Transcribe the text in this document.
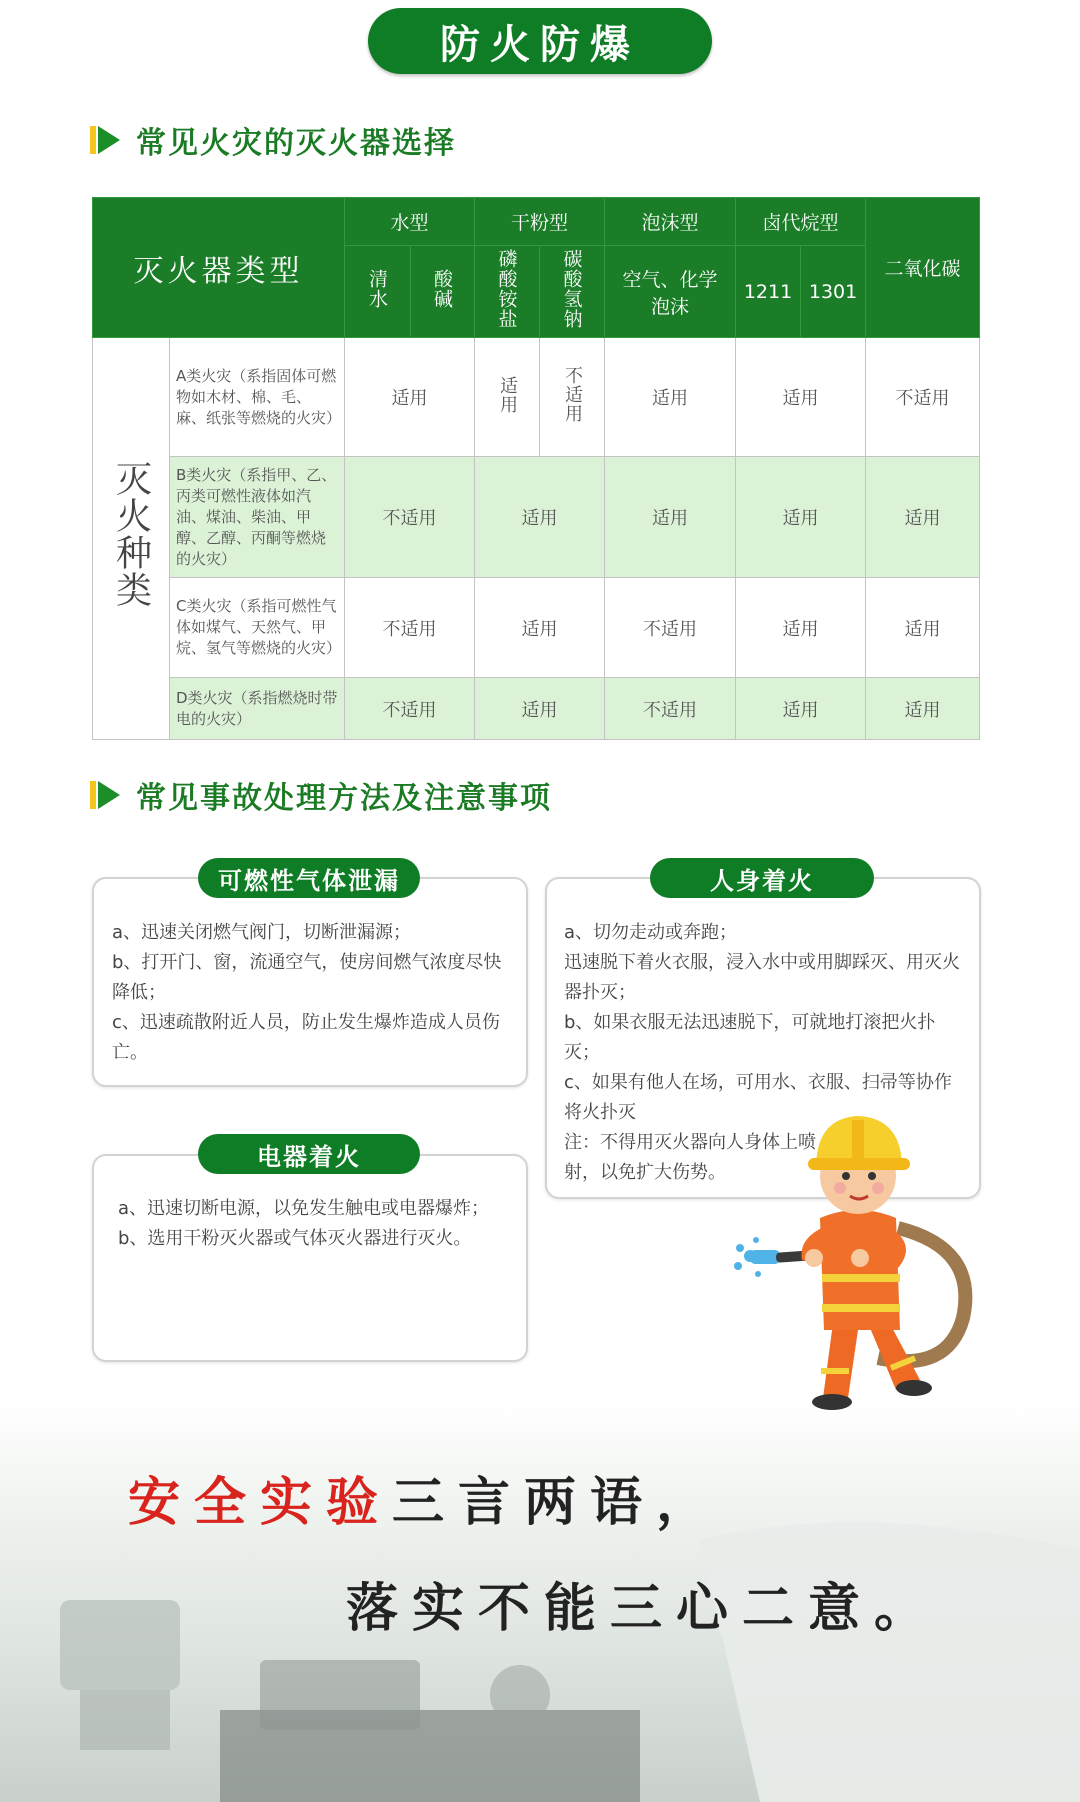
防火防爆
常见火灾的灭火器选择
灭火器类型		水型		干粉型		泡沫型	卤代烷型		二氧化碳
		清水	酸碱	磷酸铵盐	碳酸氢钠	空气、化学泡沫	1211	1301	
灭火种类	A类火灾（系指固体可燃物如木材、棉、毛、麻、纸张等燃烧的火灾）	适用		适用	不适用	适用	适用		不适用
	B类火灾（系指甲、乙、丙类可燃性液体如汽油、煤油、柴油、甲醇、乙醇、丙酮等燃烧的火灾）	不适用		适用		适用	适用		适用
	C类火灾（系指可燃性气体如煤气、天然气、甲烷、氢气等燃烧的火灾）	不适用		适用		不适用	适用		适用
	D类火灾（系指燃烧时带电的火灾）	不适用		适用		不适用	适用		适用
常见事故处理方法及注意事项
可燃性气体泄漏

a、迅速关闭燃气阀门，切断泄漏源；

b、打开门、窗，流通空气，使房间燃气浓度尽快降低；

c、迅速疏散附近人员，防止发生爆炸造成人员伤亡。

人身着火

a、切勿走动或奔跑；

迅速脱下着火衣服，浸入水中或用脚踩灭、用灭火器扑灭；

b、如果衣服无法迅速脱下，可就地打滚把火扑灭；

c、如果有他人在场，可用水、衣服、扫帚等协作将火扑灭

注：不得用灭火器向人身体上喷射，以免扩大伤势。

电器着火

a、迅速切断电源，以免发生触电或电器爆炸；

b、选用干粉灭火器或气体灭火器进行灭火。

安全实验三言两语，
落实不能三心二意。
